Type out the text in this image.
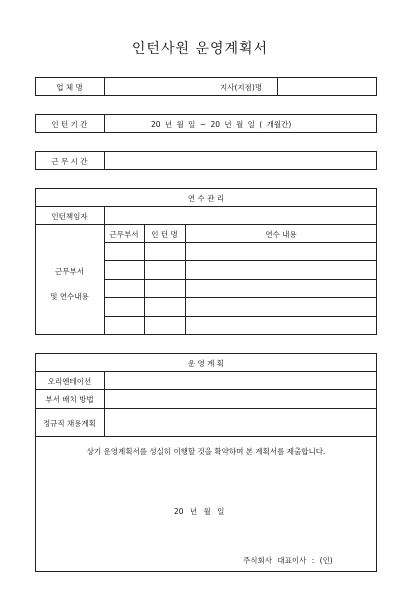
인턴사원 운영계획서
업 체 명	지사(지점)명
인 턴 기 간	20 년 월 일 ~ 20 년 월 일 ( 개월간)
근 무 시 간
연 수 관 리
인턴책임자
근무부서	인 턴 명	연수 내용
근무부서
및 연수내용
운 영 계 획
오리엔테이션
부서 배치 방법
정규직 채용계획
상기 운영계획서를 성실히 이행할 것을 확약하며 본 계획서를 제출합니다.
20 년 월 일
주식회사 대표이사 : (인)
